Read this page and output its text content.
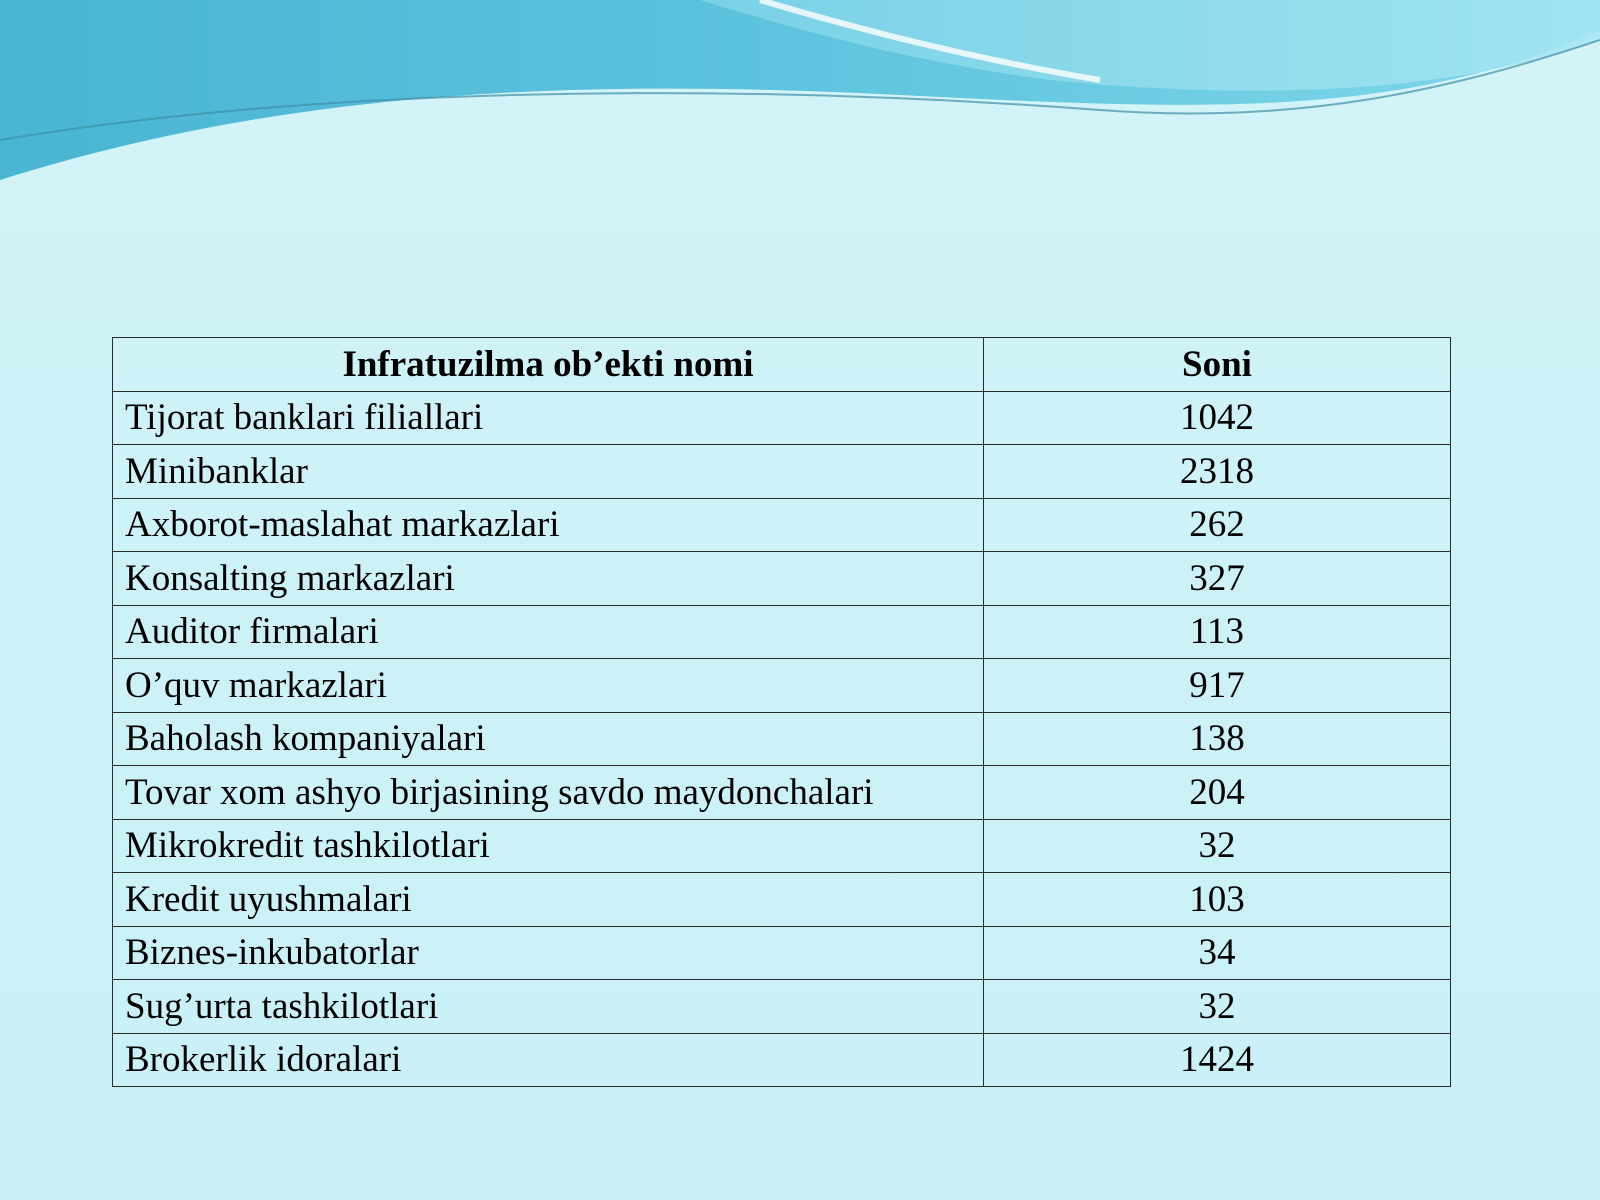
Infratuzilma ob’ekti nomi	Soni
Tijorat banklari filiallari	1042
Minibanklar	2318
Axborot-maslahat markazlari	262
Konsalting markazlari	327
Auditor firmalari	113
O’quv markazlari	917
Baholash kompaniyalari	138
Tovar xom ashyo birjasining savdo maydonchalari	204
Mikrokredit tashkilotlari	32
Kredit uyushmalari	103
Biznes-inkubatorlar	34
Sug’urta tashkilotlari	32
Brokerlik idoralari	1424
